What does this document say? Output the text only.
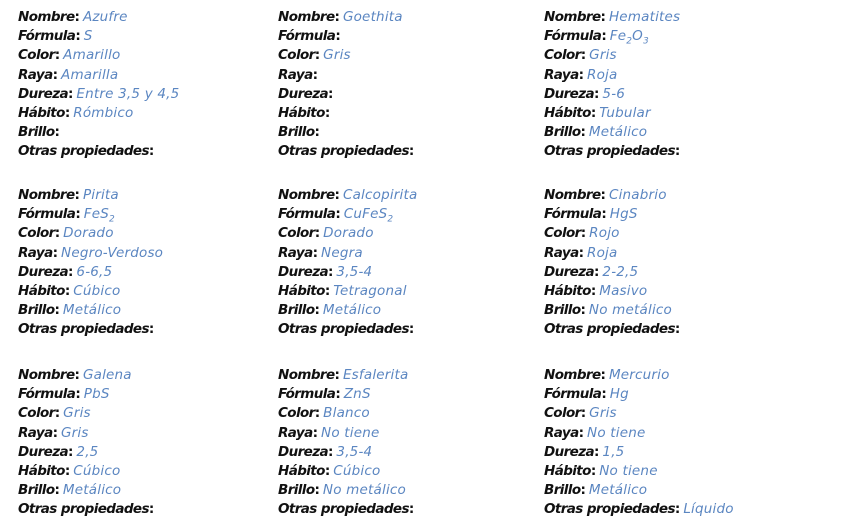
Nombre: Azufre
Fórmula: S
Color: Amarillo
Raya: Amarilla
Dureza: Entre 3,5 y 4,5
Hábito: Rómbico
Brillo:
Otras propiedades:
Nombre: Goethita
Fórmula:
Color: Gris
Raya:
Dureza:
Hábito:
Brillo:
Otras propiedades:
Nombre: Hematites
Fórmula: $Fe_2O_3$
Color: Gris
Raya: Roja
Dureza: 5-6
Hábito: Tubular
Brillo: Metálico
Otras propiedades:
Nombre: Pirita
Fórmula: FeS$_2$
Color: Dorado
Raya: Negro-Verdoso
Dureza: 6-6,5
Hábito: Cúbico
Brillo: Metálico
Otras propiedades:
Nombre: Calcopirita
Fórmula: CuFeS$_2$
Color: Dorado
Raya: Negra
Dureza: 3,5-4
Hábito: Tetragonal
Brillo: Metálico
Otras propiedades:
Nombre: Cinabrio
Fórmula: HgS
Color: Rojo
Raya: Roja
Dureza: 2-2,5
Hábito: Masivo
Brillo: No metálico
Otras propiedades:
Nombre: Galena
Fórmula: PbS
Color: Gris
Raya: Gris
Dureza: 2,5
Hábito: Cúbico
Brillo: Metálico
Otras propiedades:
Nombre: Esfalerita
Fórmula: ZnS
Color: Blanco
Raya: No tiene
Dureza: 3,5-4
Hábito: Cúbico
Brillo: No metálico
Otras propiedades:
Nombre: Mercurio
Fórmula: Hg
Color: Gris
Raya: No tiene
Dureza: 1,5
Hábito: No tiene
Brillo: Metálico
Otras propiedades: Líquido
